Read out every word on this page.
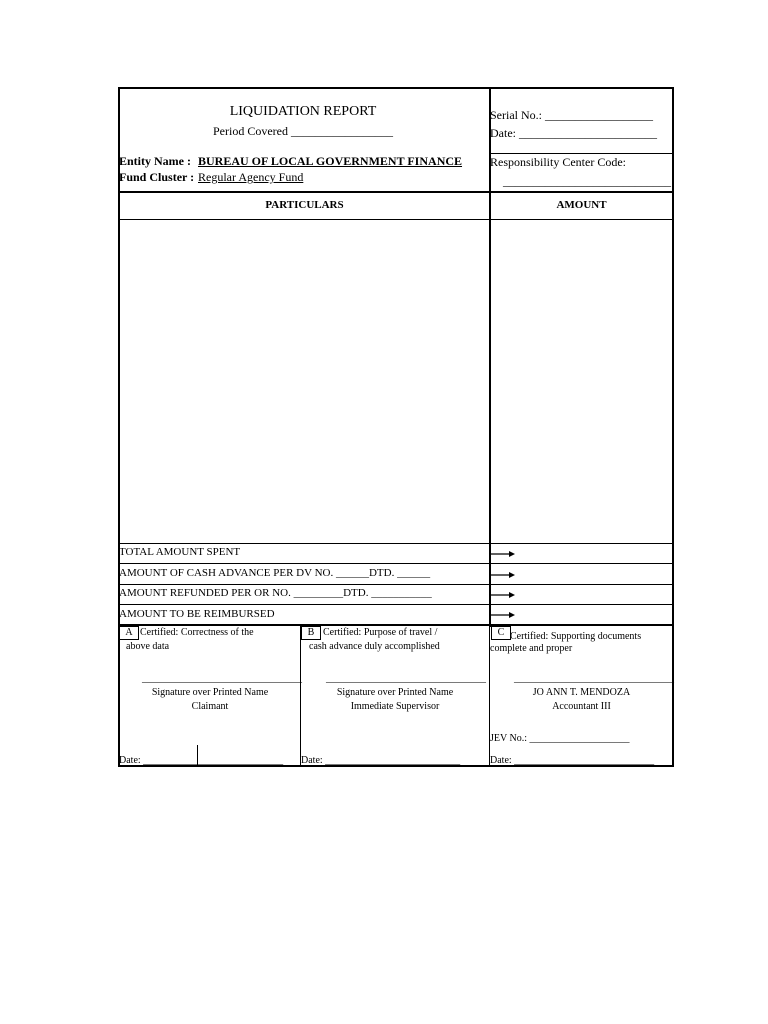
LIQUIDATION REPORT
Period Covered _________________
Entity Name : BUREAU OF LOCAL GOVERNMENT FINANCE
Fund Cluster : Regular Agency Fund
Serial No.: __________________
Date: _______________________
Responsibility Center Code:
____________________________
PARTICULARS	AMOUNT
TOTAL AMOUNT SPENT
AMOUNT OF CASH ADVANCE PER DV NO. ______DTD. ______
AMOUNT REFUNDED PER OR NO. _________DTD. ___________
AMOUNT TO BE REIMBURSED
A Certified: Correctness of the
above data
________________________________
Signature over Printed Name
Claimant
Date: ____________________________
B Certified: Purpose of travel /
cash advance duly accomplished
________________________________
Signature over Printed Name
Immediate Supervisor
Date: ___________________________
C Certified: Supporting documents
complete and proper
________________________________
JO ANN T. MENDOZA
Accountant III
JEV No.: ____________________
Date: ____________________________
